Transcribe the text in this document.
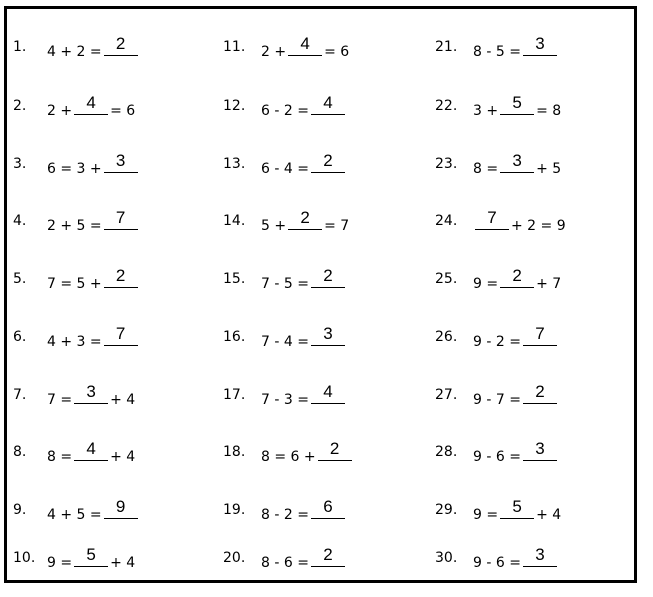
1. 4 + 2 = 2
2. 2 + 4	= 6
3. 6 = 3 + 3
4. 2 + 5 = 7
5. 7 = 5 + 2
6. 4 + 3 = 7
7. 7 = 3	+ 4
8. 8 = 4	+ 4
9. 4 + 5 = 9
10. 9 = 5	+ 4
11. 2 + 4	= 6
12. 6 - 2 = 4
13. 6 - 4 = 2
14. 5 + 2	= 7
15. 7 - 5 = 2
16. 7 - 4 = 3
17. 7 - 3 = 4
18. 8 = 6 + 2
19. 8 - 2 = 6
20. 8 - 6 = 2
21. 8 - 5 = 3
22. 3 + 5	= 8
23. 8 = 3	+ 5
24.	7	+ 2 = 9
25. 9 = 2	+ 7
26. 9 - 2 = 7
27. 9 - 7 = 2
28. 9 - 6 = 3
29. 9 = 5	+ 4
30. 9 - 6 = 3
